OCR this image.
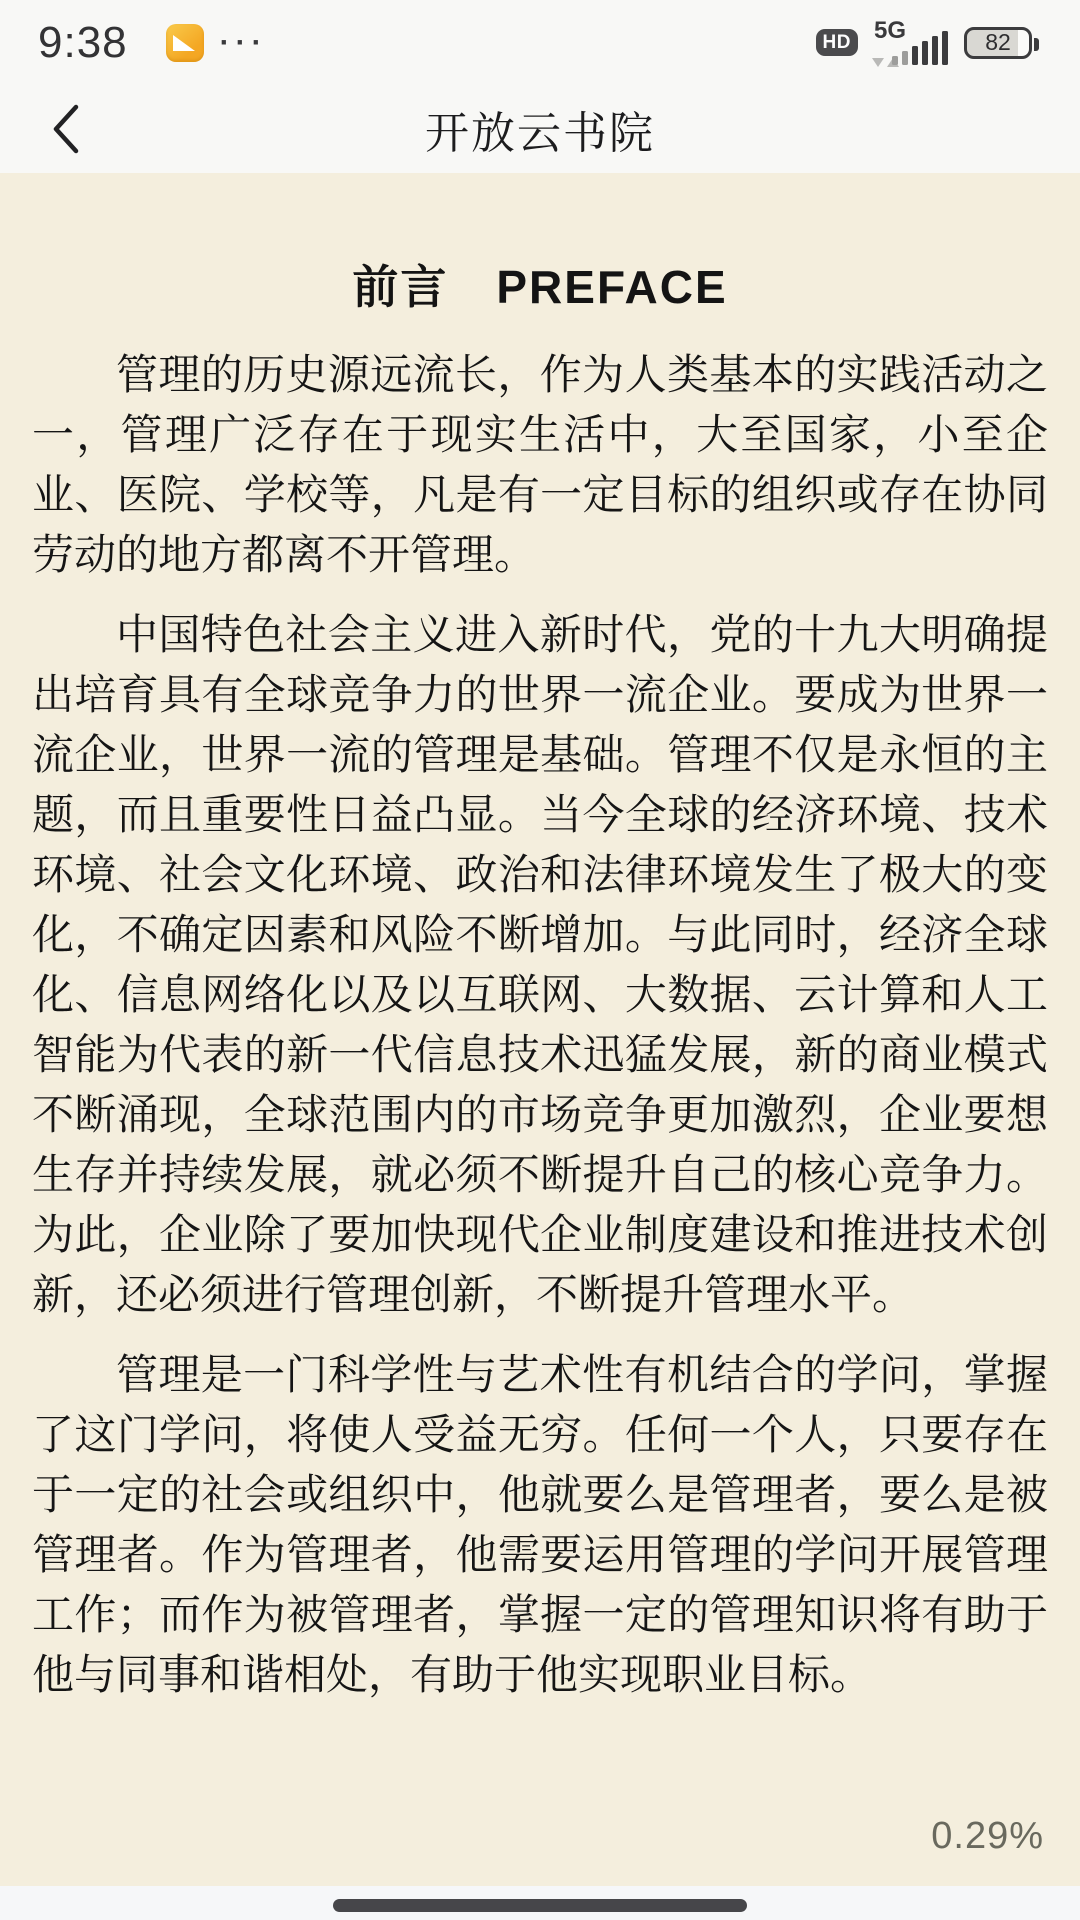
9:38	···	HD 5G	82
开放云书院
前言　PREFACE

管理的历史源远流长，作为人类基本的实践活动之一，管理广泛存在于现实生活中，大至国家，小至企业、医院、学校等，凡是有一定目标的组织或存在协同劳动的地方都离不开管理。

中国特色社会主义进入新时代，党的十九大明确提出培育具有全球竞争力的世界一流企业。要成为世界一流企业，世界一流的管理是基础。管理不仅是永恒的主题，而且重要性日益凸显。当今全球的经济环境、技术环境、社会文化环境、政治和法律环境发生了极大的变化，不确定因素和风险不断增加。与此同时，经济全球化、信息网络化以及以互联网、大数据、云计算和人工智能为代表的新一代信息技术迅猛发展，新的商业模式不断涌现，全球范围内的市场竞争更加激烈，企业要想生存并持续发展，就必须不断提升自己的核心竞争力。为此，企业除了要加快现代企业制度建设和推进技术创新，还必须进行管理创新，不断提升管理水平。

管理是一门科学性与艺术性有机结合的学问，掌握了这门学问，将使人受益无穷。任何一个人，只要存在于一定的社会或组织中，他就要么是管理者，要么是被管理者。作为管理者，他需要运用管理的学问开展管理工作；而作为被管理者，掌握一定的管理知识将有助于他与同事和谐相处，有助于他实现职业目标。

0.29%
